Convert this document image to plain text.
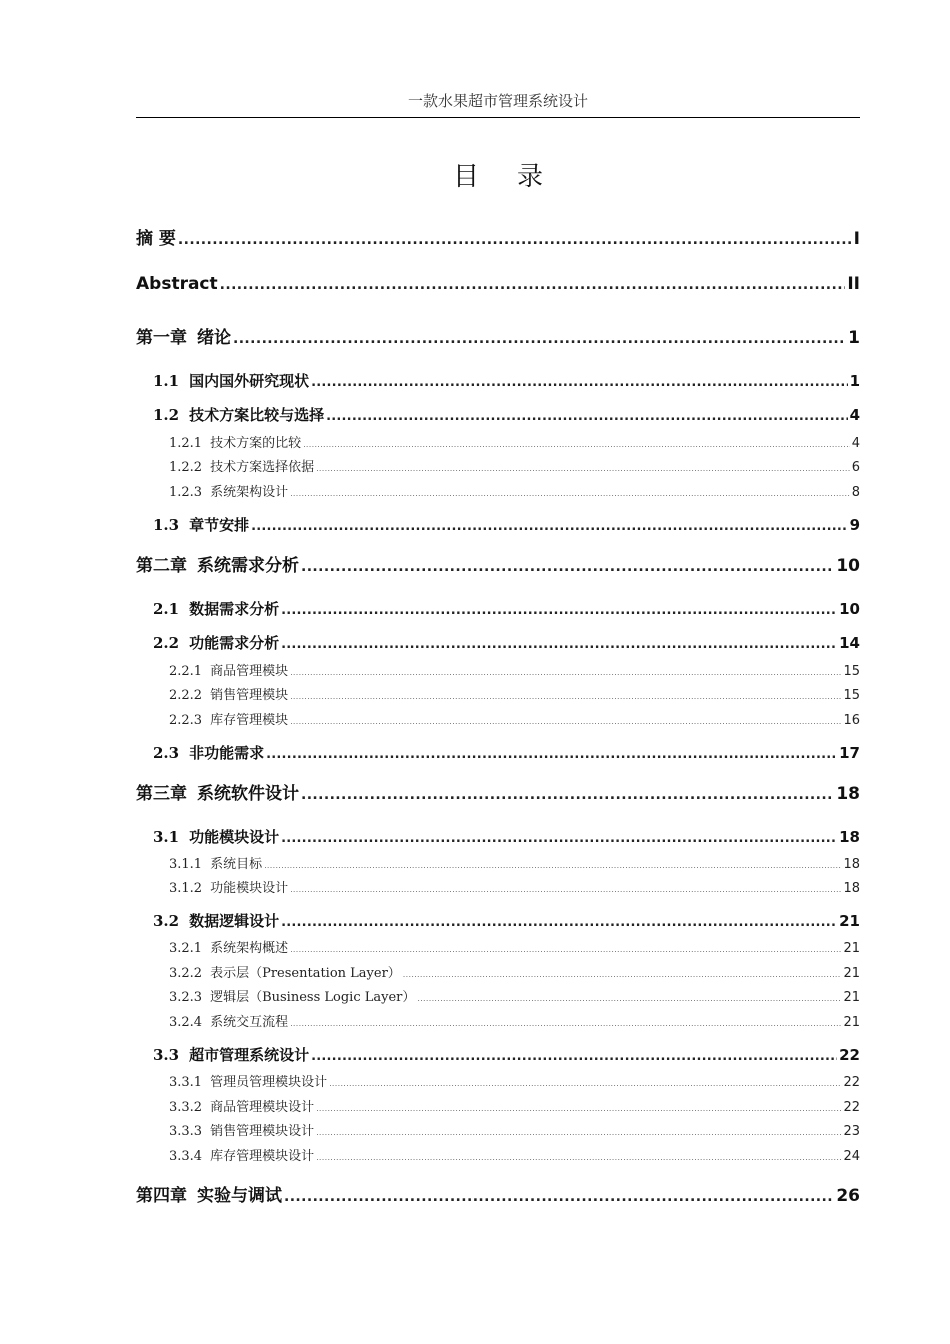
一款水果超市管理系统设计
目录
摘 要 .....	I
Abstract .....	II
第一章 绪论 .....	1
1.1 国内国外研究现状 .....	1
1.2 技术方案比较与选择 .....	4
1.2.1 技术方案的比较 .....	4
1.2.2 技术方案选择依据 .....	6
1.2.3 系统架构设计 .....	8
1.3 章节安排 .....	9
第二章 系统需求分析 .....	10
2.1 数据需求分析 .....	10
2.2 功能需求分析 .....	14
2.2.1 商品管理模块 .....	15
2.2.2 销售管理模块 .....	15
2.2.3 库存管理模块 .....	16
2.3 非功能需求 .....	17
第三章 系统软件设计 .....	18
3.1 功能模块设计 .....	18
3.1.1 系统目标 .....	18
3.1.2 功能模块设计 .....	18
3.2 数据逻辑设计 .....	21
3.2.1 系统架构概述 .....	21
3.2.2 表示层（Presentation Layer） .....	21
3.2.3 逻辑层（Business Logic Layer） .....	21
3.2.4 系统交互流程 .....	21
3.3 超市管理系统设计 .....	22
3.3.1 管理员管理模块设计 .....	22
3.3.2 商品管理模块设计 .....	22
3.3.3 销售管理模块设计 .....	23
3.3.4 库存管理模块设计 .....	24
第四章 实验与调试 .....	26
